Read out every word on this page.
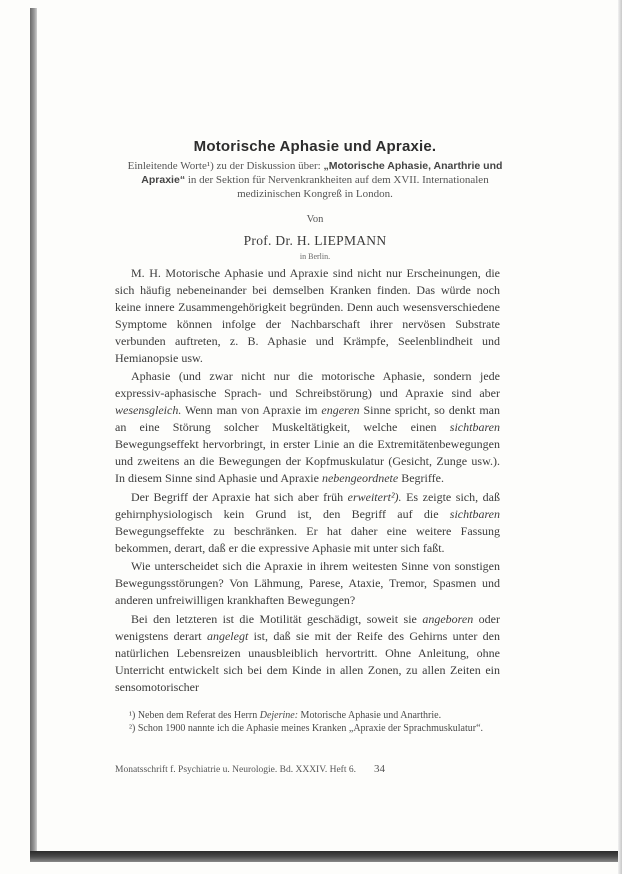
Motorische Aphasie und Apraxie.
Einleitende Worte¹) zu der Diskussion über: „Motorische Aphasie, Anarthrie und Apraxie“ in der Sektion für Nervenkrankheiten auf dem XVII. Internationalen medizinischen Kongreß in London.
Von
Prof. Dr. H. LIEPMANN
in Berlin.

M. H. Motorische Aphasie und Apraxie sind nicht nur Erscheinungen, die sich häufig nebeneinander bei demselben Kranken finden. Das würde noch keine innere Zusammengehörigkeit begründen. Denn auch wesensverschiedene Symptome können infolge der Nachbarschaft ihrer nervösen Substrate verbunden auftreten, z. B. Aphasie und Krämpfe, Seelenblindheit und Hemianopsie usw.

Aphasie (und zwar nicht nur die motorische Aphasie, sondern jede expressiv-aphasische Sprach- und Schreibstörung) und Apraxie sind aber wesensgleich. Wenn man von Apraxie im engeren Sinne spricht, so denkt man an eine Störung solcher Muskeltätigkeit, welche einen sichtbaren Bewegungseffekt hervorbringt, in erster Linie an die Extremitätenbewegungen und zweitens an die Bewegungen der Kopfmuskulatur (Gesicht, Zunge usw.). In diesem Sinne sind Aphasie und Apraxie nebengeordnete Begriffe.

Der Begriff der Apraxie hat sich aber früh erweitert²). Es zeigte sich, daß gehirnphysiologisch kein Grund ist, den Begriff auf die sichtbaren Bewegungseffekte zu beschränken. Er hat daher eine weitere Fassung bekommen, derart, daß er die expressive Aphasie mit unter sich faßt.

Wie unterscheidet sich die Apraxie in ihrem weitesten Sinne von sonstigen Bewegungsstörungen? Von Lähmung, Parese, Ataxie, Tremor, Spasmen und anderen unfreiwilligen krankhaften Bewegungen?

Bei den letzteren ist die Motilität geschädigt, soweit sie angeboren oder wenigstens derart angelegt ist, daß sie mit der Reife des Gehirns unter den natürlichen Lebensreizen unausbleiblich hervortritt. Ohne Anleitung, ohne Unterricht entwickelt sich bei dem Kinde in allen Zonen, zu allen Zeiten ein sensomotorischer

¹) Neben dem Referat des Herrn Dejerine: Motorische Aphasie und Anarthrie.

²) Schon 1900 nannte ich die Aphasie meines Kranken „Apraxie der Sprachmuskulatur“.

Monatsschrift f. Psychiatrie u. Neurologie. Bd. XXXIV. Heft 6. 34
